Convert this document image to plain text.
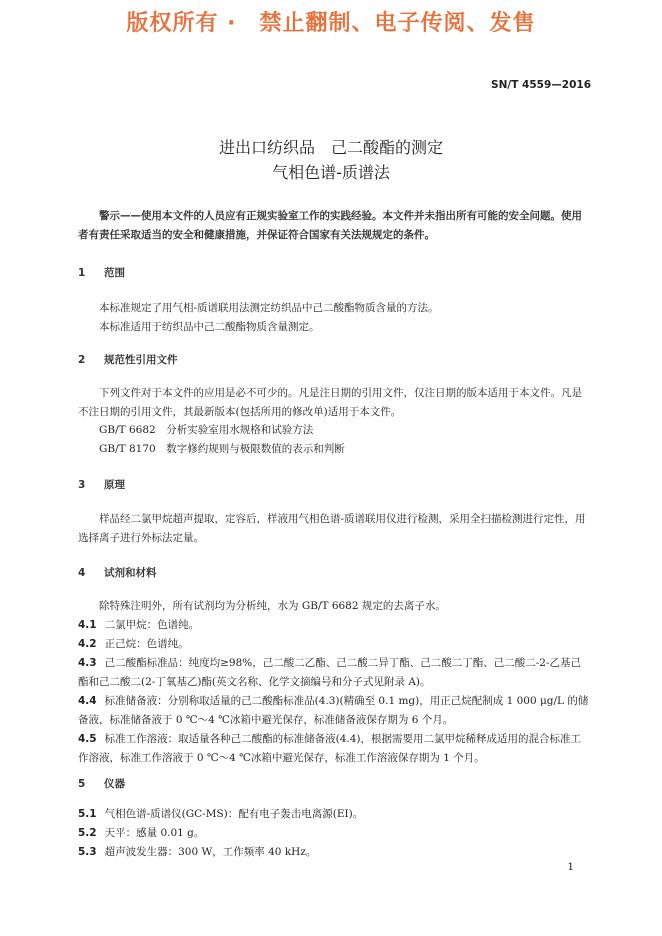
版权所有 ·　禁止翻制、电子传阅、发售
SN/T 4559—2016
进出口纺织品　己二酸酯的测定
气相色谱-质谱法
警示——使用本文件的人员应有正规实验室工作的实践经验。本文件并未指出所有可能的安全问题。使用者有责任采取适当的安全和健康措施，并保证符合国家有关法规规定的条件。
1 范围
本标准规定了用气相-质谱联用法测定纺织品中己二酸酯物质含量的方法。
本标准适用于纺织品中己二酸酯物质含量测定。
2 规范性引用文件
下列文件对于本文件的应用是必不可少的。凡是注日期的引用文件，仅注日期的版本适用于本文件。凡是不注日期的引用文件，其最新版本(包括所用的修改单)适用于本文件。
GB/T 6682　分析实验室用水规格和试验方法
GB/T 8170　数字修约规则与极限数值的表示和判断
3 原理
样品经二氯甲烷超声提取，定容后，样液用气相色谱-质谱联用仪进行检测，采用全扫描检测进行定性，用选择离子进行外标法定量。
4 试剂和材料
除特殊注明外，所有试剂均为分析纯，水为 GB/T 6682 规定的去离子水。
4.1 二氯甲烷：色谱纯。
4.2 正己烷：色谱纯。
4.3 己二酸酯标准品：纯度均≥98%，己二酸二乙酯、己二酸二异丁酯、己二酸二丁酯、己二酸二-2-乙基己酯和己二酸二(2-丁氧基乙)酯(英文名称、化学文摘编号和分子式见附录 A)。
4.4 标准储备液：分别称取适量的己二酸酯标准品(4.3)(精确至 0.1 mg)，用正己烷配制成 1 000 μg/L 的储备液，标准储备液于 0 ℃～4 ℃冰箱中避光保存，标准储备液保存期为 6 个月。
4.5 标准工作溶液：取适量各种己二酸酯的标准储备液(4.4)，根据需要用二氯甲烷稀释成适用的混合标准工作溶液，标准工作溶液于 0 ℃～4 ℃冰箱中避光保存，标准工作溶液保存期为 1 个月。
5 仪器
5.1 气相色谱-质谱仪(GC-MS)：配有电子轰击电离源(EI)。
5.2 天平：感量 0.01 g。
5.3 超声波发生器：300 W，工作频率 40 kHz。
1
